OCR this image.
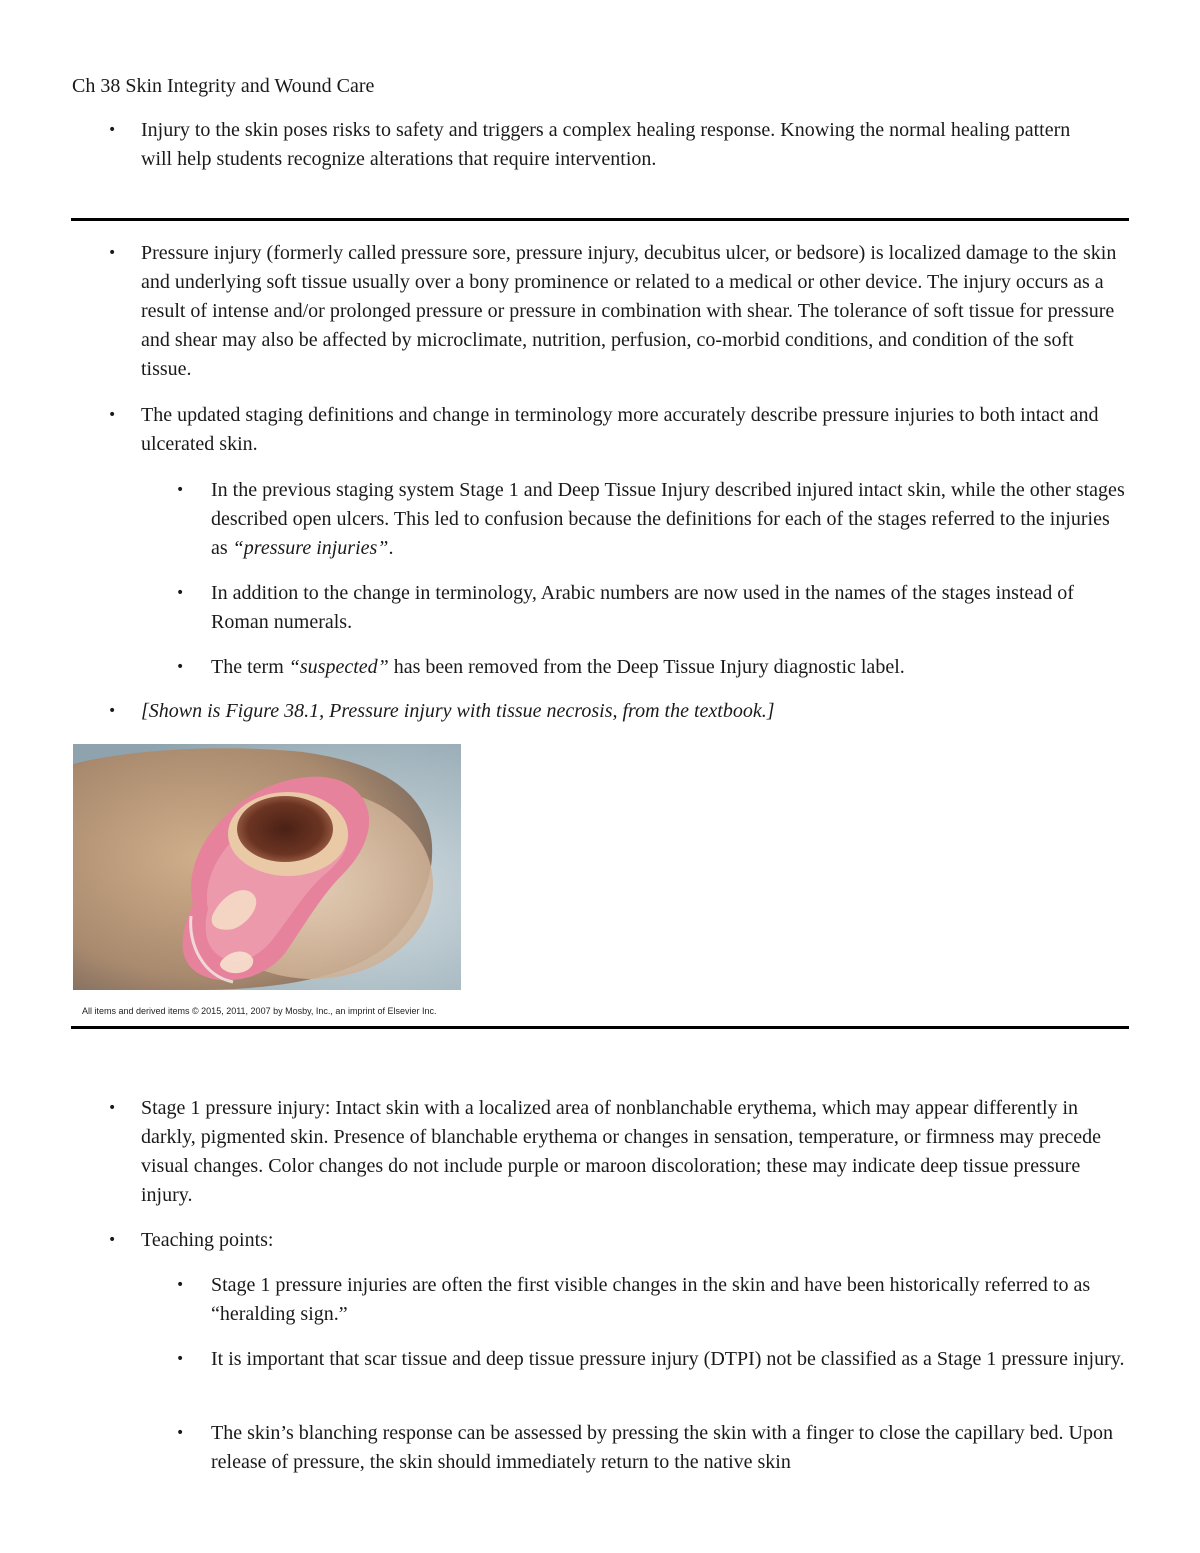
Ch 38 Skin Integrity and Wound Care
• Injury to the skin poses risks to safety and triggers a complex healing response. Knowing the normal healing pattern will help students recognize alterations that require intervention.
• Pressure injury (formerly called pressure sore, pressure injury, decubitus ulcer, or bedsore) is localized damage to the skin and underlying soft tissue usually over a bony prominence or related to a medical or other device. The injury occurs as a result of intense and/or prolonged pressure or pressure in combination with shear. The tolerance of soft tissue for pressure and shear may also be affected by microclimate, nutrition, perfusion, co-morbid conditions, and condition of the soft tissue.
• The updated staging definitions and change in terminology more accurately describe pressure injuries to both intact and ulcerated skin.
• In the previous staging system Stage 1 and Deep Tissue Injury described injured intact skin, while the other stages described open ulcers. This led to confusion because the definitions for each of the stages referred to the injuries as “pressure injuries”.
• In addition to the change in terminology, Arabic numbers are now used in the names of the stages instead of Roman numerals.
• The term “suspected” has been removed from the Deep Tissue Injury diagnostic label.
• [Shown is Figure 38.1, Pressure injury with tissue necrosis, from the textbook.]
All items and derived items © 2015, 2011, 2007 by Mosby, Inc., an imprint of Elsevier Inc.
• Stage 1 pressure injury: Intact skin with a localized area of nonblanchable erythema, which may appear differently in darkly, pigmented skin. Presence of blanchable erythema or changes in sensation, temperature, or firmness may precede visual changes. Color changes do not include purple or maroon discoloration; these may indicate deep tissue pressure injury.
• Teaching points:
• Stage 1 pressure injuries are often the first visible changes in the skin and have been historically referred to as “heralding sign.”
• It is important that scar tissue and deep tissue pressure injury (DTPI) not be classified as a Stage 1 pressure injury.
• The skin’s blanching response can be assessed by pressing the skin with a finger to close the capillary bed. Upon release of pressure, the skin should immediately return to the native skin
